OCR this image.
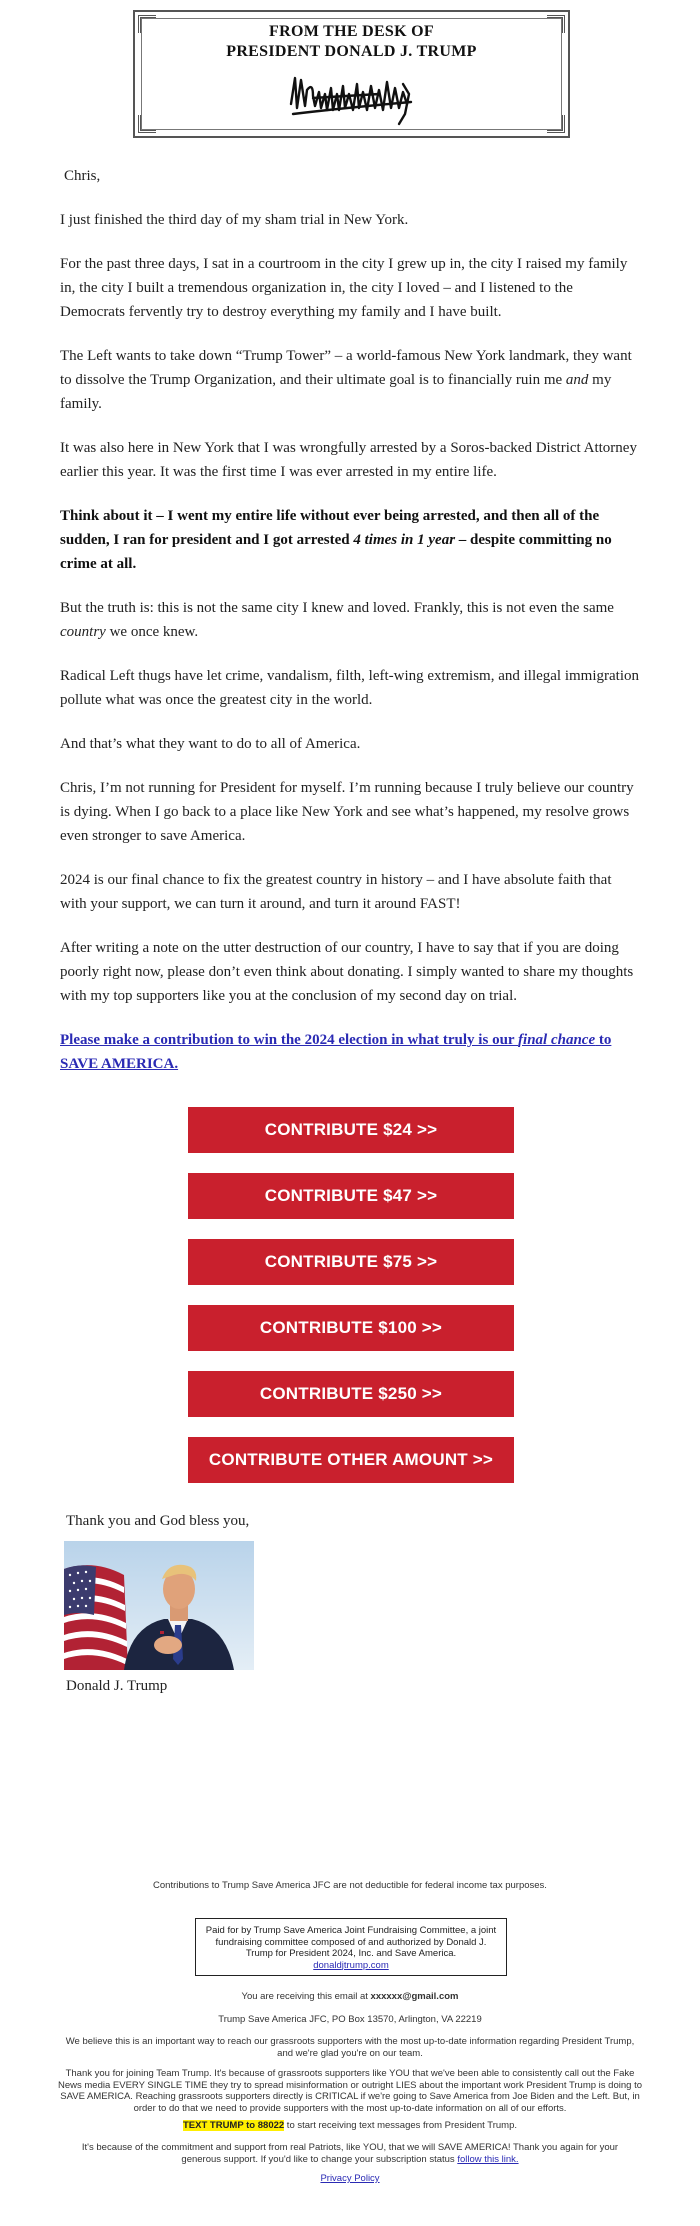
FROM THE DESK OF
PRESIDENT DONALD J. TRUMP

Chris,

I just finished the third day of my sham trial in New York.

For the past three days, I sat in a courtroom in the city I grew up in, the city I raised my family in, the city I built a tremendous organization in, the city I loved – and I listened to the Democrats fervently try to destroy everything my family and I have built.

The Left wants to take down “Trump Tower” – a world-famous New York landmark, they want to dissolve the Trump Organization, and their ultimate goal is to financially ruin me and my family.

It was also here in New York that I was wrongfully arrested by a Soros-backed District Attorney earlier this year. It was the first time I was ever arrested in my entire life.

Think about it – I went my entire life without ever being arrested, and then all of the sudden, I ran for president and I got arrested 4 times in 1 year – despite committing no crime at all.

But the truth is: this is not the same city I knew and loved. Frankly, this is not even the same country we once knew.

Radical Left thugs have let crime, vandalism, filth, left-wing extremism, and illegal immigration pollute what was once the greatest city in the world.

And that’s what they want to do to all of America.

Chris, I’m not running for President for myself. I’m running because I truly believe our country is dying. When I go back to a place like New York and see what’s happened, my resolve grows even stronger to save America.

2024 is our final chance to fix the greatest country in history – and I have absolute faith that with your support, we can turn it around, and turn it around FAST!

After writing a note on the utter destruction of our country, I have to say that if you are doing poorly right now, please don’t even think about donating. I simply wanted to share my thoughts with my top supporters like you at the conclusion of my second day on trial.

Please make a contribution to win the 2024 election in what truly is our final chance to SAVE AMERICA.

CONTRIBUTE $24 >>
CONTRIBUTE $47 >>
CONTRIBUTE $75 >>
CONTRIBUTE $100 >>
CONTRIBUTE $250 >>
CONTRIBUTE OTHER AMOUNT >>
Thank you and God bless you,
Donald J. Trump
Contributions to Trump Save America JFC are not deductible for federal income tax purposes.
Paid for by Trump Save America Joint Fundraising Committee, a joint fundraising committee composed of and authorized by Donald J. Trump for President 2024, Inc. and Save America.
donaldjtrump.com
You are receiving this email at xxxxxx@gmail.com
Trump Save America JFC, PO Box 13570, Arlington, VA 22219
We believe this is an important way to reach our grassroots supporters with the most up-to-date information regarding President Trump, and we're glad you're on our team.
Thank you for joining Team Trump. It's because of grassroots supporters like YOU that we've been able to consistently call out the Fake News media EVERY SINGLE TIME they try to spread misinformation or outright LIES about the important work President Trump is doing to SAVE AMERICA. Reaching grassroots supporters directly is CRITICAL if we're going to Save America from Joe Biden and the Left. But, in order to do that we need to provide supporters with the most up-to-date information on all of our efforts.
TEXT TRUMP to 88022 to start receiving text messages from President Trump.
It's because of the commitment and support from real Patriots, like YOU, that we will SAVE AMERICA! Thank you again for your generous support. If you'd like to change your subscription status follow this link.
Privacy Policy
